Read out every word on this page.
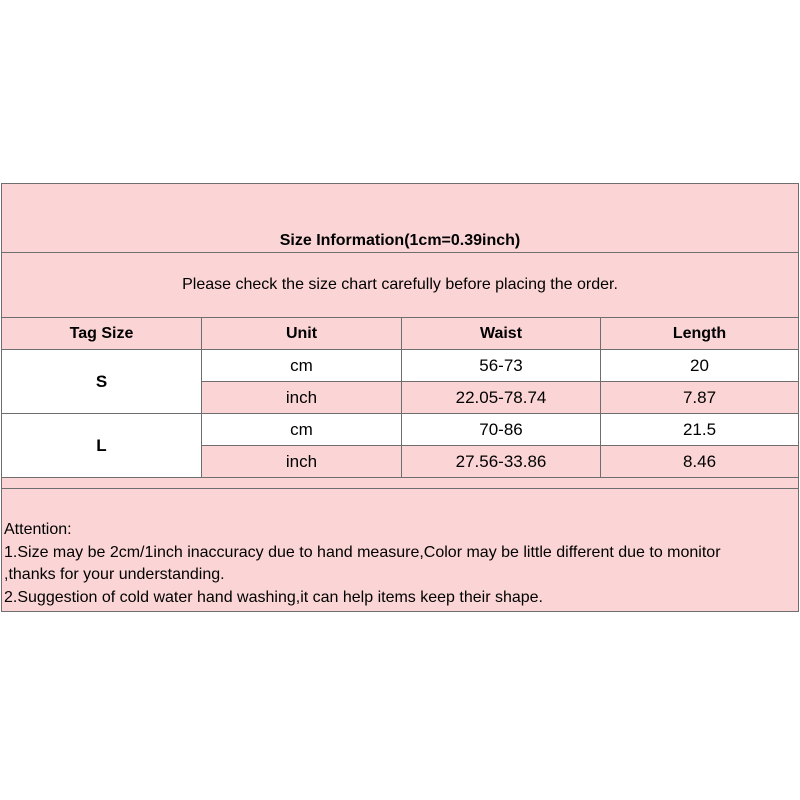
Size Information(1cm=0.39inch)			
Please check the size chart carefully before placing the order.			
Tag Size	Unit	Waist	Length
S	cm	56-73	20
	inch	22.05-78.74	7.87
L	cm	70-86	21.5
	inch	27.56-33.86	8.46

Attention:
1.Size may be 2cm/1inch inaccuracy due to hand measure,Color may be little different due to monitor
,thanks for your understanding.
2.Suggestion of cold water hand washing,it can help items keep their shape.			
